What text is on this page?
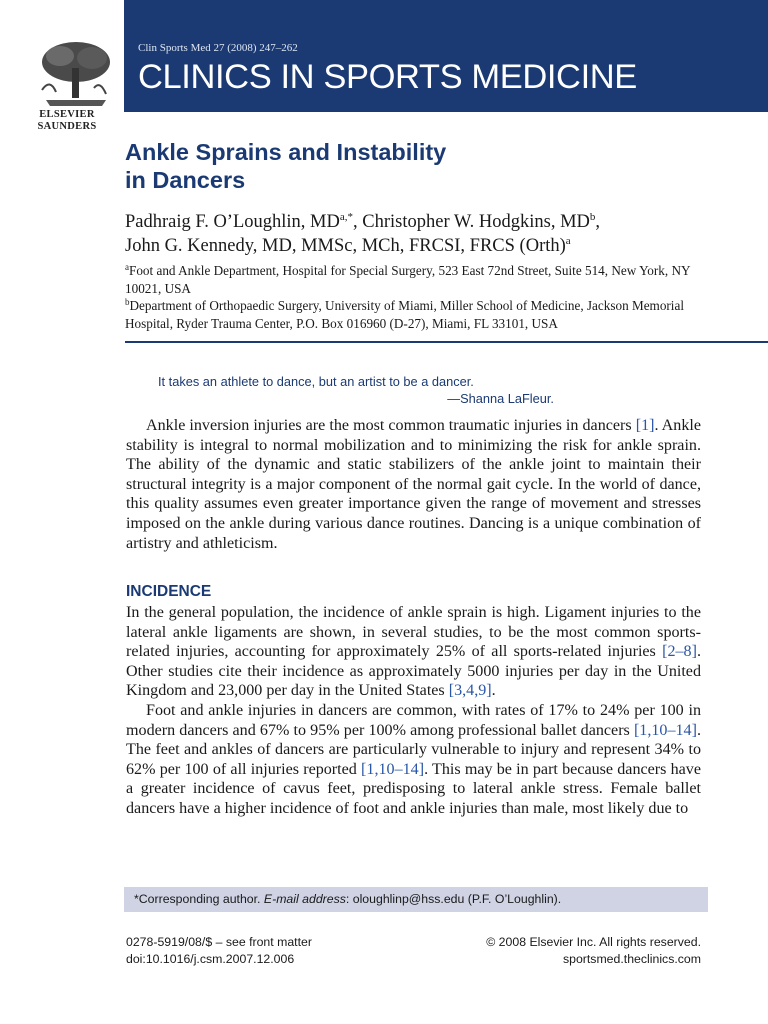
ELSEVIER
SAUNDERS
Clin Sports Med 27 (2008) 247–262
CLINICS IN SPORTS MEDICINE
Ankle Sprains and Instability
in Dancers
Padhraig F. O’Loughlin, $MD^{a,*}$, Christopher W. Hodgkins, $MD^b$,
John G. Kennedy, MD, MMSc, MCh, FRCSI, FRCS (Orth)$^a$
$^a$Foot and Ankle Department, Hospital for Special Surgery, 523 East 72nd Street, Suite 514, New York, NY 10021, USA
$^b$Department of Orthopaedic Surgery, University of Miami, Miller School of Medicine, Jackson Memorial Hospital, Ryder Trauma Center, P.O. Box 016960 (D-27), Miami, FL 33101, USA
It takes an athlete to dance, but an artist to be a dancer.
—Shanna LaFleur.

Ankle inversion injuries are the most common traumatic injuries in dancers [1]. Ankle stability is integral to normal mobilization and to minimizing the risk for ankle sprain. The ability of the dynamic and static stabilizers of the ankle joint to maintain their structural integrity is a major component of the normal gait cycle. In the world of dance, this quality assumes even greater importance given the range of movement and stresses imposed on the ankle during various dance routines. Dancing is a unique combination of artistry and athleticism.

INCIDENCE

In the general population, the incidence of ankle sprain is high. Ligament injuries to the lateral ankle ligaments are shown, in several studies, to be the most common sports-related injuries, accounting for approximately 25% of all sports-related injuries [2–8]. Other studies cite their incidence as approximately 5000 injuries per day in the United Kingdom and 23,000 per day in the United States [3,4,9].

Foot and ankle injuries in dancers are common, with rates of 17% to 24% per 100 in modern dancers and 67% to 95% per 100% among professional ballet dancers [1,10–14]. The feet and ankles of dancers are particularly vulnerable to injury and represent 34% to 62% per 100 of all injuries reported [1,10–14]. This may be in part because dancers have a greater incidence of cavus feet, predisposing to lateral ankle stress. Female ballet dancers have a higher incidence of foot and ankle injuries than male, most likely due to

*Corresponding author. E-mail address: oloughlinp@hss.edu (P.F. O’Loughlin).
0278-5919/08/$ – see front matter
doi:10.1016/j.csm.2007.12.006
© 2008 Elsevier Inc. All rights reserved.
sportsmed.theclinics.com
